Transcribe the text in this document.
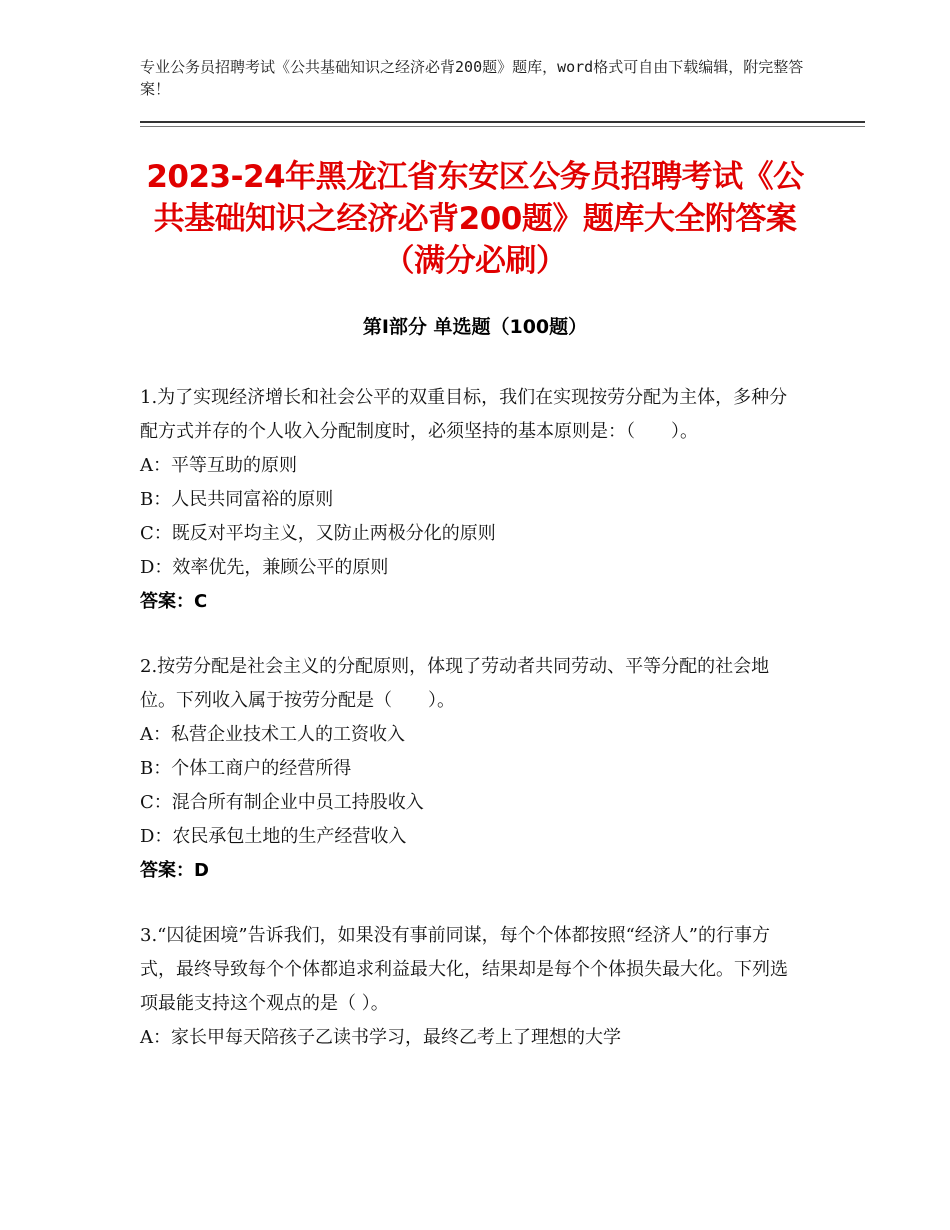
专业公务员招聘考试《公共基础知识之经济必背200题》题库，word格式可自由下载编辑，附完整答案！
2023-24年黑龙江省东安区公务员招聘考试《公共基础知识之经济必背200题》题库大全附答案（满分必刷）
第Ⅰ部分 单选题（100题）

1.为了实现经济增长和社会公平的双重目标，我们在实现按劳分配为主体，多种分配方式并存的个人收入分配制度时，必须坚持的基本原则是：（　　）。

A：平等互助的原则

B：人民共同富裕的原则

C：既反对平均主义，又防止两极分化的原则

D：效率优先，兼顾公平的原则

答案：C

2.按劳分配是社会主义的分配原则，体现了劳动者共同劳动、平等分配的社会地位。下列收入属于按劳分配是（　　）。

A：私营企业技术工人的工资收入

B：个体工商户的经营所得

C：混合所有制企业中员工持股收入

D：农民承包土地的生产经营收入

答案：D

3.“囚徒困境”告诉我们，如果没有事前同谋，每个个体都按照“经济人”的行事方式，最终导致每个个体都追求利益最大化，结果却是每个个体损失最大化。下列选项最能支持这个观点的是（ ）。

A：家长甲每天陪孩子乙读书学习，最终乙考上了理想的大学
